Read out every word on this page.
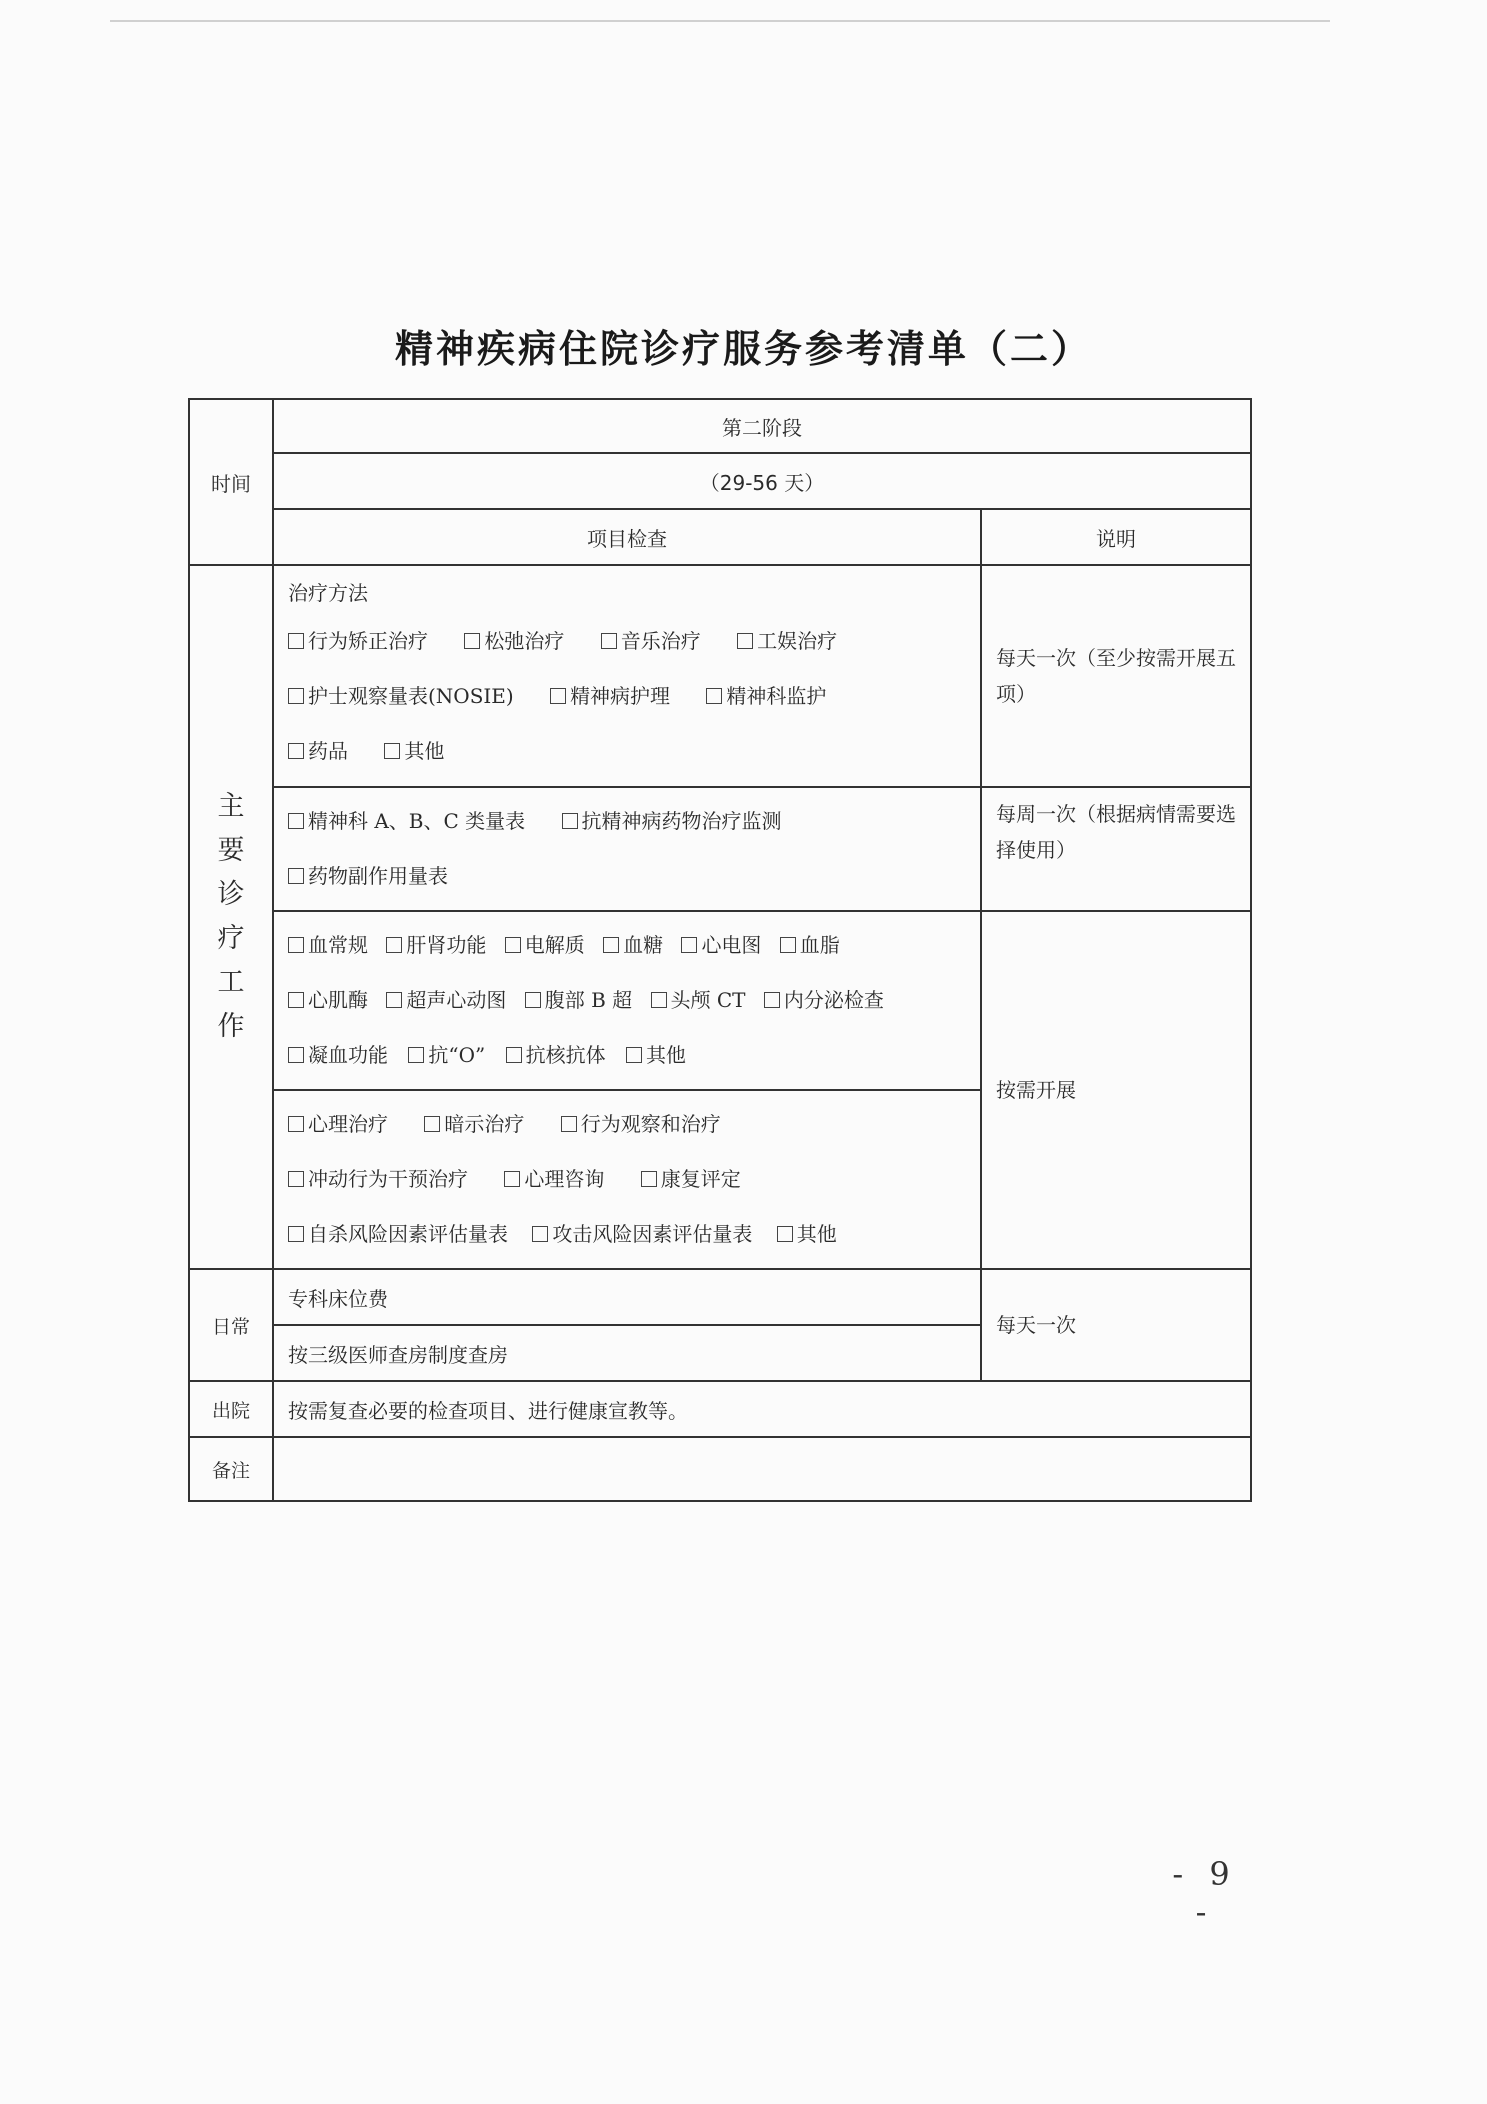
精神疾病住院诊疗服务参考清单（二）
时间	第二阶段	
	（29-56 天）	
	项目检查	说明
主要诊疗工作	治疗方法
行为矫正治疗 松弛治疗 音乐治疗 工娱治疗
护士观察量表(NOSIE) 精神病护理 精神科监护
药品 其他	每天一次（至少按需开展五项）

	精神科 A、B、C 类量表 抗精神病药物治疗监测
药物副作用量表	每周一次（根据病情需要选择使用）

	血常规 肝肾功能 电解质 血糖 心电图 血脂
心肌酶 超声心动图 腹部 B 超 头颅 CT 内分泌检查
凝血功能 抗“O” 抗核抗体 其他	按需开展

	心理治疗 暗示治疗 行为观察和治疗
冲动行为干预治疗 心理咨询 康复评定
自杀风险因素评估量表 攻击风险因素评估量表 其他	

日常	专科床位费	每天一次
	按三级医师查房制度查房	
出院	按需复查必要的检查项目、进行健康宣教等。	
备注		
- 9 -
